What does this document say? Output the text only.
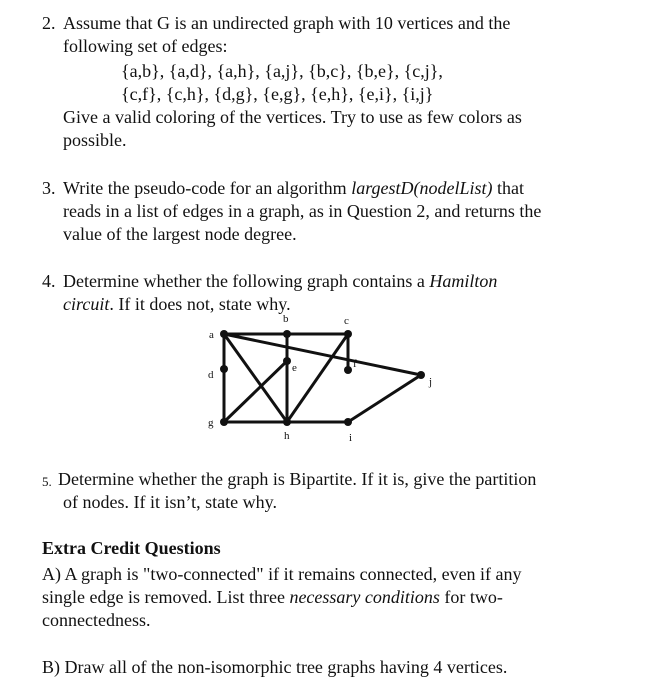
2. Assume that G is an undirected graph with 10 vertices and the
following set of edges:
{a,b}, {a,d}, {a,h}, {a,j}, {b,c}, {b,e}, {c,j},
{c,f}, {c,h}, {d,g}, {e,g}, {e,h}, {e,i}, {i,j}
Give a valid coloring of the vertices. Try to use as few colors as
possible.
3. Write the pseudo-code for an algorithm largestD(nodelList) that
reads in a list of edges in a graph, as in Question 2, and returns the
value of the largest node degree.
4. Determine whether the following graph contains a Hamilton
circuit. If it does not, state why.
a
b	c
d
e	f
g
h	i
j
5. Determine whether the graph is Bipartite. If it is, give the partition
of nodes. If it isn’t, state why.
Extra Credit Questions
A) A graph is "two-connected" if it remains connected, even if any
single edge is removed. List three necessary conditions for two-
connectedness.
B) Draw all of the non-isomorphic tree graphs having 4 vertices.
